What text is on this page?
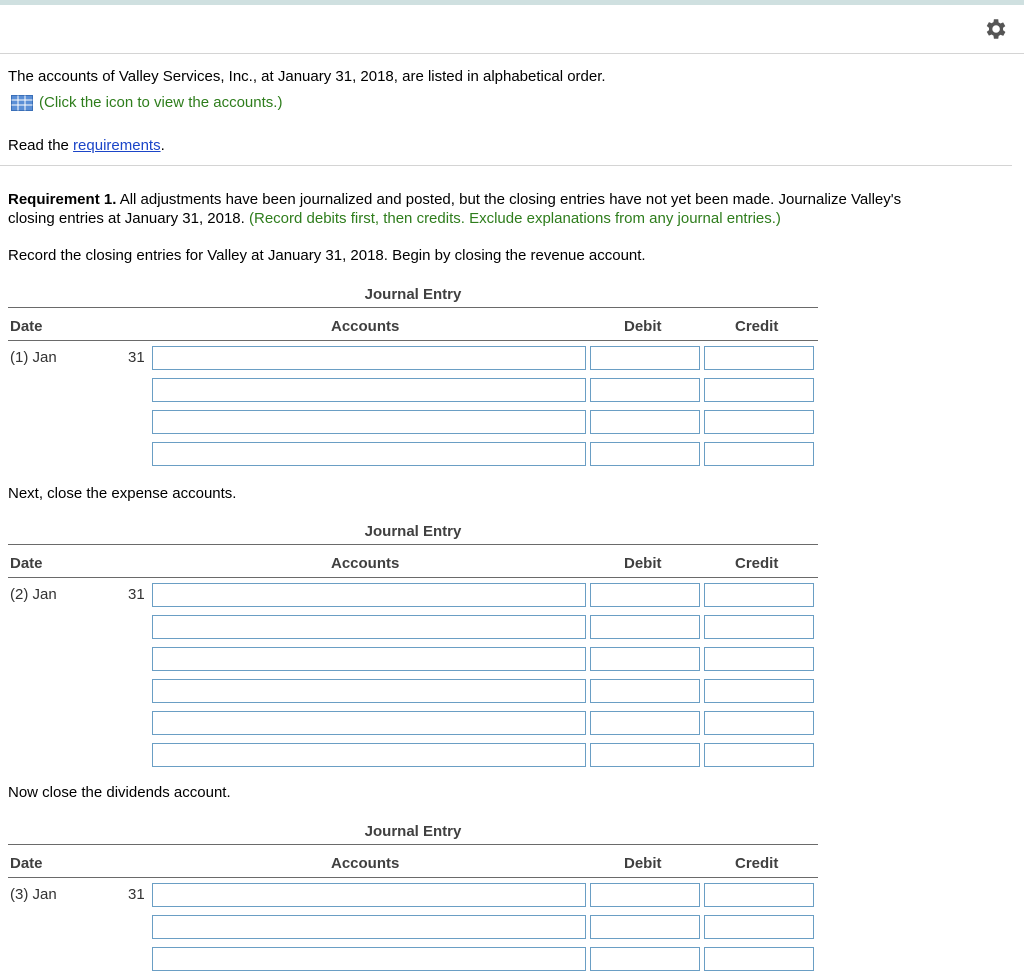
The accounts of Valley Services, Inc., at January 31, 2018, are listed in alphabetical order.
(Click the icon to view the accounts.)
Read the requirements.
Requirement 1. All adjustments have been journalized and posted, but the closing entries have not yet been made. Journalize Valley's
closing entries at January 31, 2018. (Record debits first, then credits. Exclude explanations from any journal entries.)
Record the closing entries for Valley at January 31, 2018. Begin by closing the revenue account.
Journal Entry
Date	Accounts	Debit	Credit
(1) Jan	31
Next, close the expense accounts.
Journal Entry
Date	Accounts	Debit	Credit
(2) Jan	31
Now close the dividends account.
Journal Entry
Date	Accounts	Debit	Credit
(3) Jan	31
